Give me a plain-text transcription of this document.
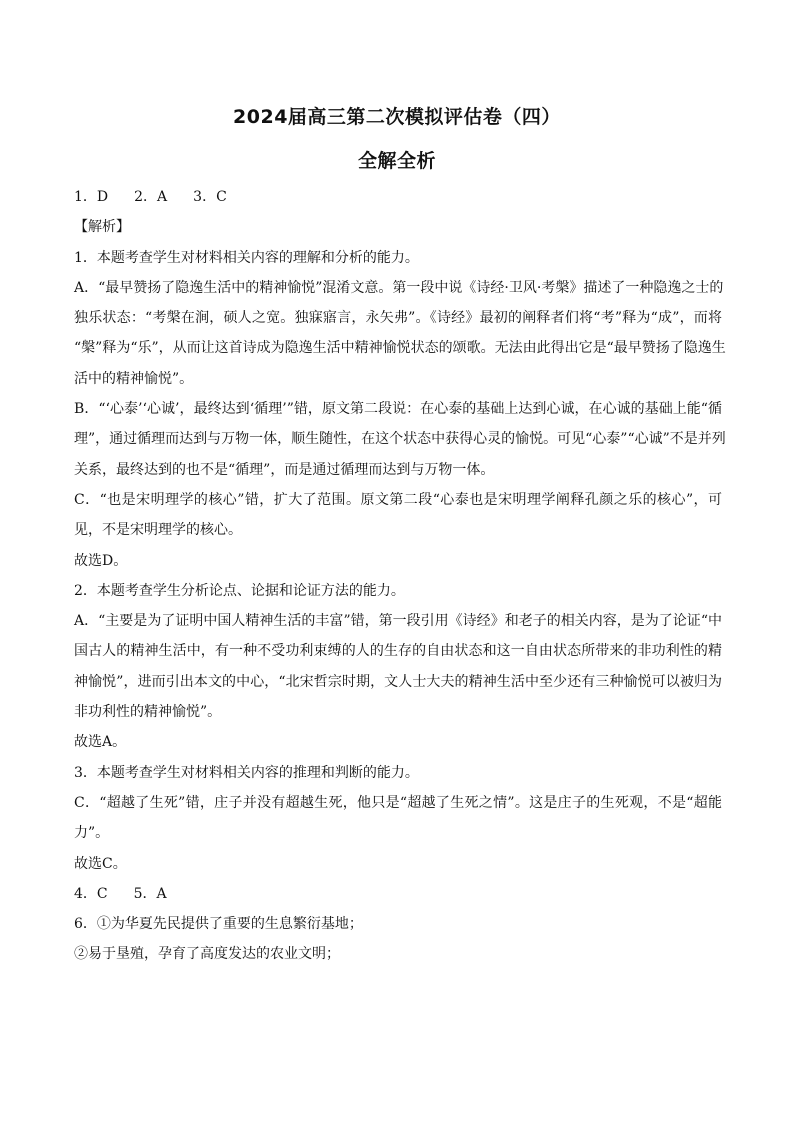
2024届高三第二次模拟评估卷（四）
全解全析
1．D 2．A 3．C
【解析】
1．本题考查学生对材料相关内容的理解和分析的能力。
A．“最早赞扬了隐逸生活中的精神愉悦”混淆文意。第一段中说《诗经·卫风·考槃》描述了一种隐逸之士的
独乐状态：“考槃在涧，硕人之宽。独寐寤言，永矢弗”。《诗经》最初的阐释者们将“考”释为“成”，而将
“槃”释为“乐”，从而让这首诗成为隐逸生活中精神愉悦状态的颂歌。无法由此得出它是“最早赞扬了隐逸生
活中的精神愉悦”。
B．“‘心泰’‘心诚’，最终达到‘循理’”错，原文第二段说：在心泰的基础上达到心诚，在心诚的基础上能“循
理”，通过循理而达到与万物一体，顺生随性，在这个状态中获得心灵的愉悦。可见“心泰”“心诚”不是并列
关系，最终达到的也不是“循理”，而是通过循理而达到与万物一体。
C．“也是宋明理学的核心”错，扩大了范围。原文第二段“心泰也是宋明理学阐释孔颜之乐的核心”，可
见，不是宋明理学的核心。
故选D。
2．本题考查学生分析论点、论据和论证方法的能力。
A．“主要是为了证明中国人精神生活的丰富”错，第一段引用《诗经》和老子的相关内容，是为了论证“中
国古人的精神生活中，有一种不受功利束缚的人的生存的自由状态和这一自由状态所带来的非功利性的精
神愉悦”，进而引出本文的中心，“北宋哲宗时期，文人士大夫的精神生活中至少还有三种愉悦可以被归为
非功利性的精神愉悦”。
故选A。
3．本题考查学生对材料相关内容的推理和判断的能力。
C．“超越了生死”错，庄子并没有超越生死，他只是“超越了生死之情”。这是庄子的生死观，不是“超能
力”。
故选C。
4．C 5．A
6．①为华夏先民提供了重要的生息繁衍基地；
②易于垦殖，孕育了高度发达的农业文明；
